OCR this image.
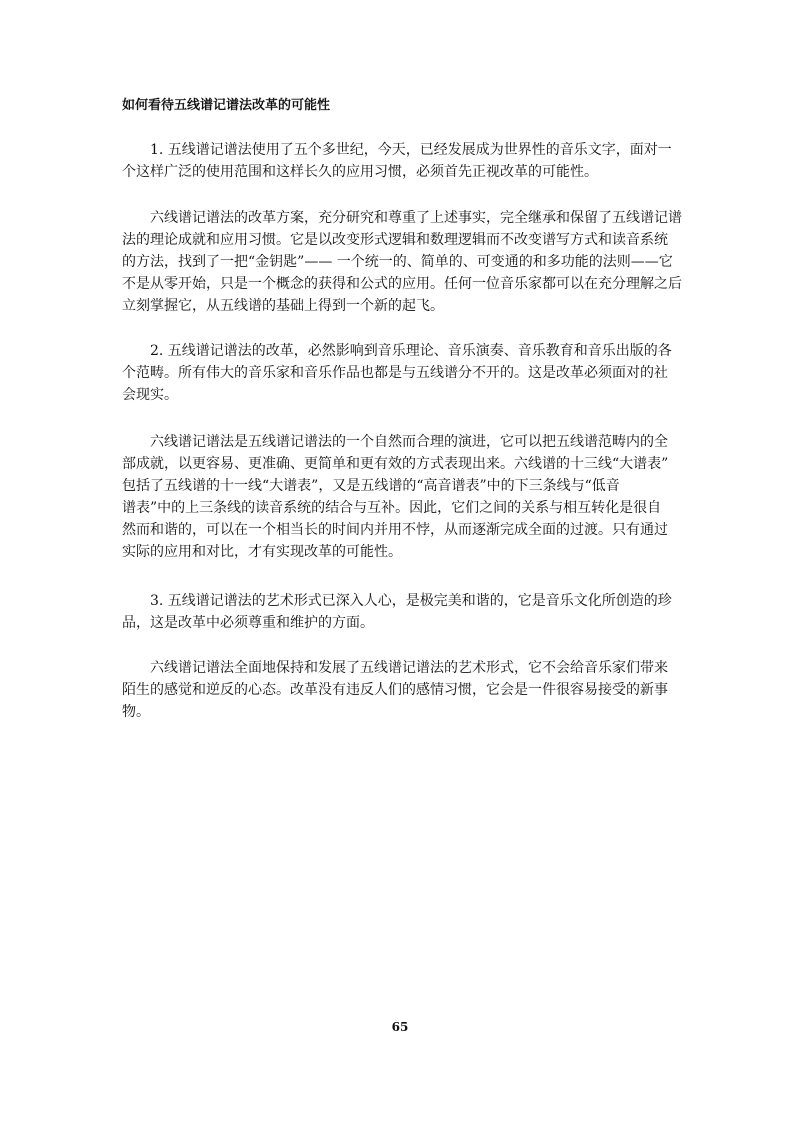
如何看待五线谱记谱法改革的可能性
　　1. 五线谱记谱法使用了五个多世纪，今天，已经发展成为世界性的音乐文字，面对一
个这样广泛的使用范围和这样长久的应用习惯，必须首先正视改革的可能性。
　　六线谱记谱法的改革方案，充分研究和尊重了上述事实，完全继承和保留了五线谱记谱
法的理论成就和应用习惯。它是以改变形式逻辑和数理逻辑而不改变谱写方式和读音系统
的方法，找到了一把“金钥匙”—— 一个统一的、简单的、可变通的和多功能的法则——它
不是从零开始，只是一个概念的获得和公式的应用。任何一位音乐家都可以在充分理解之后
立刻掌握它，从五线谱的基础上得到一个新的起飞。
　　2. 五线谱记谱法的改革，必然影响到音乐理论、音乐演奏、音乐教育和音乐出版的各
个范畴。所有伟大的音乐家和音乐作品也都是与五线谱分不开的。这是改革必须面对的社
会现实。
　　六线谱记谱法是五线谱记谱法的一个自然而合理的演进，它可以把五线谱范畴内的全
部成就，以更容易、更准确、更简单和更有效的方式表现出来。六线谱的十三线“大谱表”
包括了五线谱的十一线“大谱表”，又是五线谱的“高音谱表”中的下三条线与“低音
谱表”中的上三条线的读音系统的结合与互补。因此，它们之间的关系与相互转化是很自
然而和谐的，可以在一个相当长的时间内并用不悖，从而逐渐完成全面的过渡。只有通过
实际的应用和对比，才有实现改革的可能性。
　　3. 五线谱记谱法的艺术形式已深入人心，是极完美和谐的，它是音乐文化所创造的珍
品，这是改革中必须尊重和维护的方面。
　　六线谱记谱法全面地保持和发展了五线谱记谱法的艺术形式，它不会给音乐家们带来
陌生的感觉和逆反的心态。改革没有违反人们的感情习惯，它会是一件很容易接受的新事
物。

65
